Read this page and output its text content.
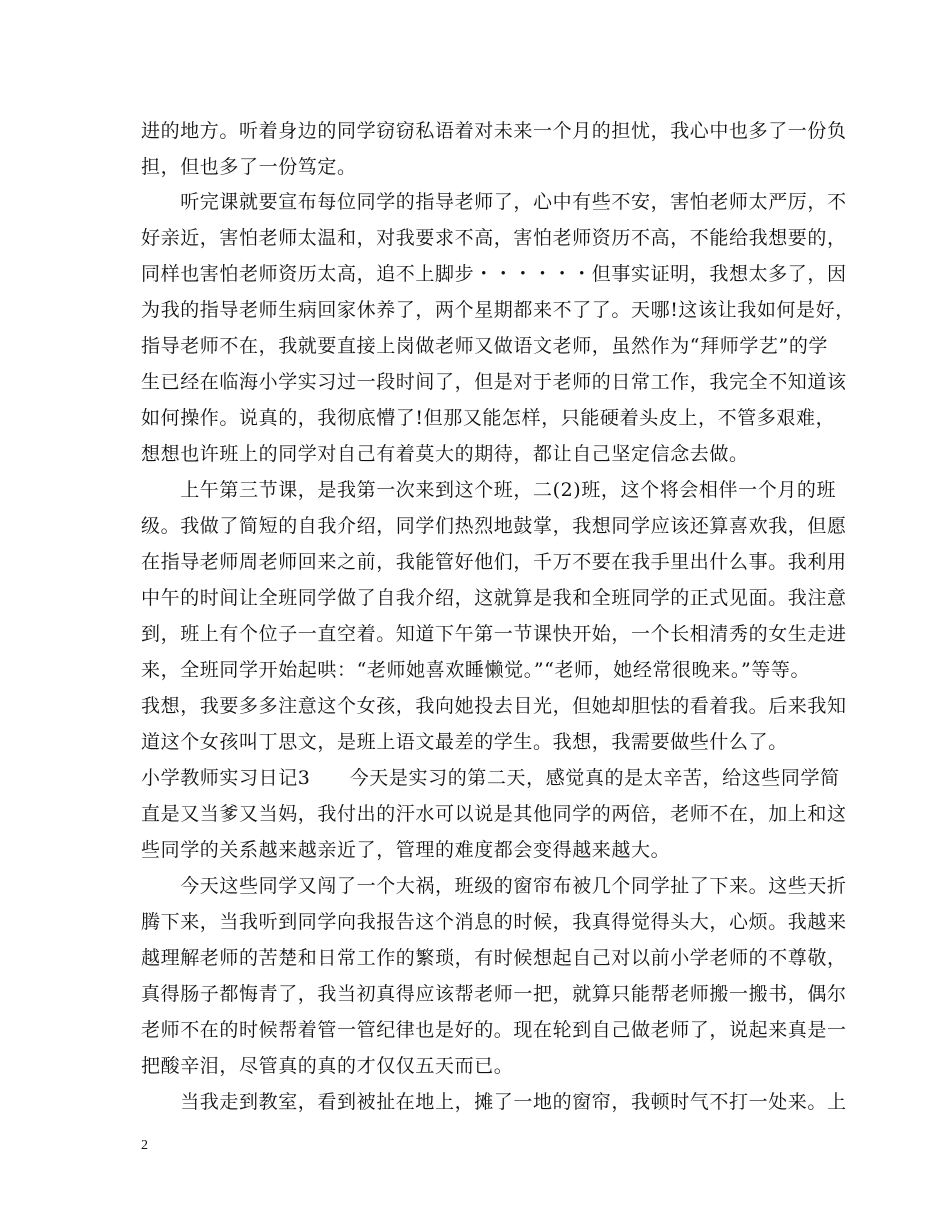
进的地方。听着身边的同学窃窃私语着对未来一个月的担忧，我心中也多了一份负
担，但也多了一份笃定。
　　听完课就要宣布每位同学的指导老师了，心中有些不安，害怕老师太严厉，不
好亲近，害怕老师太温和，对我要求不高，害怕老师资历不高，不能给我想要的，
同样也害怕老师资历太高，追不上脚步・・・・・・但事实证明，我想太多了，因
为我的指导老师生病回家休养了，两个星期都来不了了。天哪!这该让我如何是好，
指导老师不在，我就要直接上岗做老师又做语文老师，虽然作为“拜师学艺”的学
生已经在临海小学实习过一段时间了，但是对于老师的日常工作，我完全不知道该
如何操作。说真的，我彻底懵了!但那又能怎样，只能硬着头皮上，不管多艰难，
想想也许班上的同学对自己有着莫大的期待，都让自己坚定信念去做。
　　上午第三节课，是我第一次来到这个班，二(2)班，这个将会相伴一个月的班
级。我做了简短的自我介绍，同学们热烈地鼓掌，我想同学应该还算喜欢我，但愿
在指导老师周老师回来之前，我能管好他们，千万不要在我手里出什么事。我利用
中午的时间让全班同学做了自我介绍，这就算是我和全班同学的正式见面。我注意
到，班上有个位子一直空着。知道下午第一节课快开始，一个长相清秀的女生走进
来，全班同学开始起哄：“老师她喜欢睡懒觉。”“老师，她经常很晚来。”等等。
我想，我要多多注意这个女孩，我向她投去目光，但她却胆怯的看着我。后来我知
道这个女孩叫丁思文，是班上语文最差的学生。我想，我需要做些什么了。
小学教师实习日记3　　今天是实习的第二天，感觉真的是太辛苦，给这些同学简
直是又当爹又当妈，我付出的汗水可以说是其他同学的两倍，老师不在，加上和这
些同学的关系越来越亲近了，管理的难度都会变得越来越大。
　　今天这些同学又闯了一个大祸，班级的窗帘布被几个同学扯了下来。这些天折
腾下来，当我听到同学向我报告这个消息的时候，我真得觉得头大，心烦。我越来
越理解老师的苦楚和日常工作的繁琐，有时候想起自己对以前小学老师的不尊敬，
真得肠子都悔青了，我当初真得应该帮老师一把，就算只能帮老师搬一搬书，偶尔
老师不在的时候帮着管一管纪律也是好的。现在轮到自己做老师了，说起来真是一
把酸辛泪，尽管真的真的才仅仅五天而已。
　　当我走到教室，看到被扯在地上，摊了一地的窗帘，我顿时气不打一处来。上
2
